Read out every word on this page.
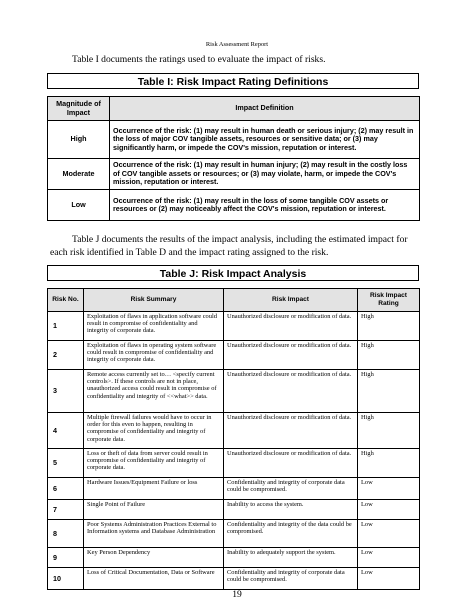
Risk Assessment Report
Table I documents the ratings used to evaluate the impact of risks.
Table I: Risk Impact Rating Definitions
Magnitude of Impact	Impact Definition
High	Occurrence of the risk: (1) may result in human death or serious injury; (2) may result in the loss of major COV tangible assets, resources or sensitive data; or (3) may significantly harm, or impede the COV's mission, reputation or interest.
Moderate	Occurrence of the risk: (1) may result in human injury; (2) may result in the costly loss of COV tangible assets or resources; or (3) may violate, harm, or impede the COV's mission, reputation or interest.
Low	Occurrence of the risk: (1) may result in the loss of some tangible COV assets or resources or (2) may noticeably affect the COV's mission, reputation or interest.
Table J documents the results of the impact analysis, including the estimated impact for
each risk identified in Table D and the impact rating assigned to the risk.
Table J: Risk Impact Analysis
Risk No.	Risk Summary	Risk Impact	Risk Impact Rating
1	Exploitation of flaws in application software could result in compromise of confidentiality and integrity of corporate data.	Unauthorized disclosure or modification of data.	High
2	Exploitation of flaws in operating system software could result in compromise of confidentiality and integrity of corporate data.	Unauthorized disclosure or modification of data.	High
3	Remote access currently set to… <specify current controls>. If these controls are not in place, unauthorized access could result in compromise of confidentiality and integrity of <<what>> data.	Unauthorized disclosure or modification of data.	High
4	Multiple firewall failures would have to occur in order for this even to happen, resulting in compromise of confidentiality and integrity of corporate data.	Unauthorized disclosure or modification of data.	High
5	Loss or theft of data from server could result in compromise of confidentiality and integrity of corporate data.	Unauthorized disclosure or modification of data.	High
6	Hardware Issues/Equipment Failure or loss	Confidentiality and integrity of corporate data could be compromised.	Low
7	Single Point of Failure	Inability to access the system.	Low
8	Poor Systems Administration Practices External to Information systems and Database Administration	Confidentiality and integrity of the data could be compromised.	Low
9	Key Person Dependency	Inability to adequately support the system.	Low
10	Loss of Critical Documentation, Data or Software	Confidentiality and integrity of corporate data could be compromised.	Low
19
